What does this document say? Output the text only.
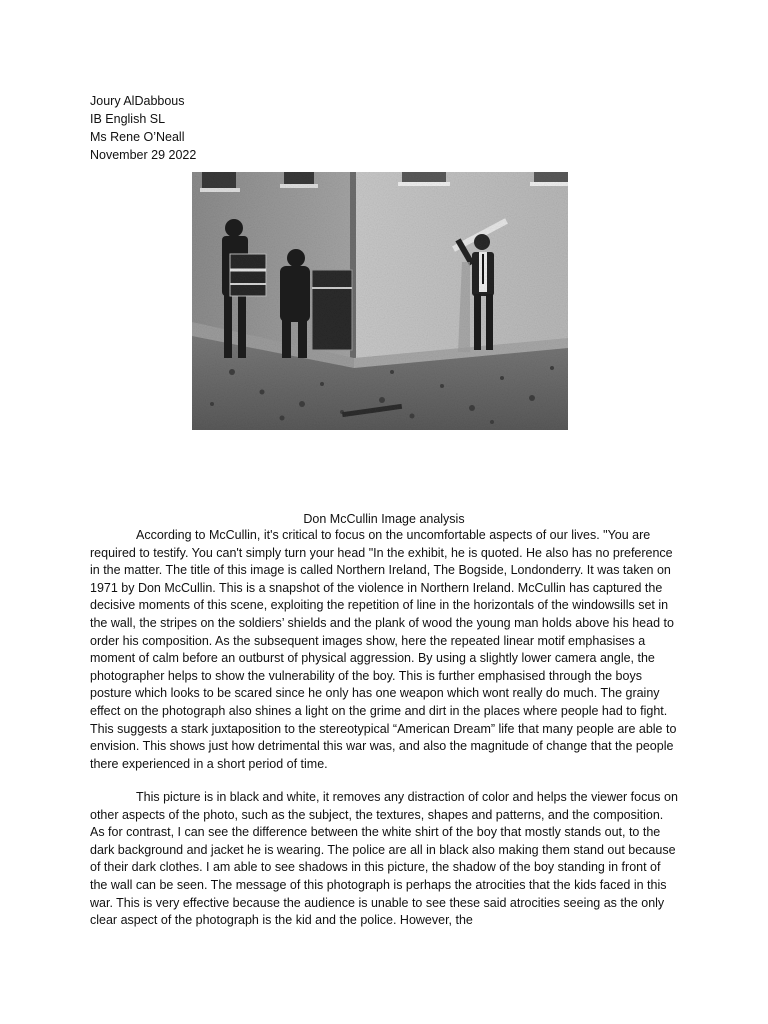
Joury AlDabbous
IB English SL
Ms Rene O’Neall
November 29 2022
Don McCullin Image analysis
According to McCullin, it's critical to focus on the uncomfortable aspects of our lives. "You are required to testify. You can't simply turn your head "In the exhibit, he is quoted. He also has no preference in the matter. The title of this image is called Northern Ireland, The Bogside, Londonderry. It was taken on 1971 by Don McCullin. This is a snapshot of the violence in Northern Ireland. McCullin has captured the decisive moments of this scene, exploiting the repetition of line in the horizontals of the windowsills set in the wall, the stripes on the soldiers’ shields and the plank of wood the young man holds above his head to order his composition. As the subsequent images show, here the repeated linear motif emphasises a moment of calm before an outburst of physical aggression. By using a slightly lower camera angle, the photographer helps to show the vulnerability of the boy. This is further emphasised through the boys posture which looks to be scared since he only has one weapon which wont really do much. The grainy effect on the photograph also shines a light on the grime and dirt in the places where people had to fight. This suggests a stark juxtaposition to the stereotypical “American Dream” life that many people are able to envision. This shows just how detrimental this war was, and also the magnitude of change that the people there experienced in a short period of time.
This picture is in black and white, it removes any distraction of color and helps the viewer focus on other aspects of the photo, such as the subject, the textures, shapes and patterns, and the composition. As for contrast, I can see the difference between the white shirt of the boy that mostly stands out, to the dark background and jacket he is wearing. The police are all in black also making them stand out because of their dark clothes. I am able to see shadows in this picture, the shadow of the boy standing in front of the wall can be seen. The message of this photograph is perhaps the atrocities that the kids faced in this war. This is very effective because the audience is unable to see these said atrocities seeing as the only clear aspect of the photograph is the kid and the police. However, the
